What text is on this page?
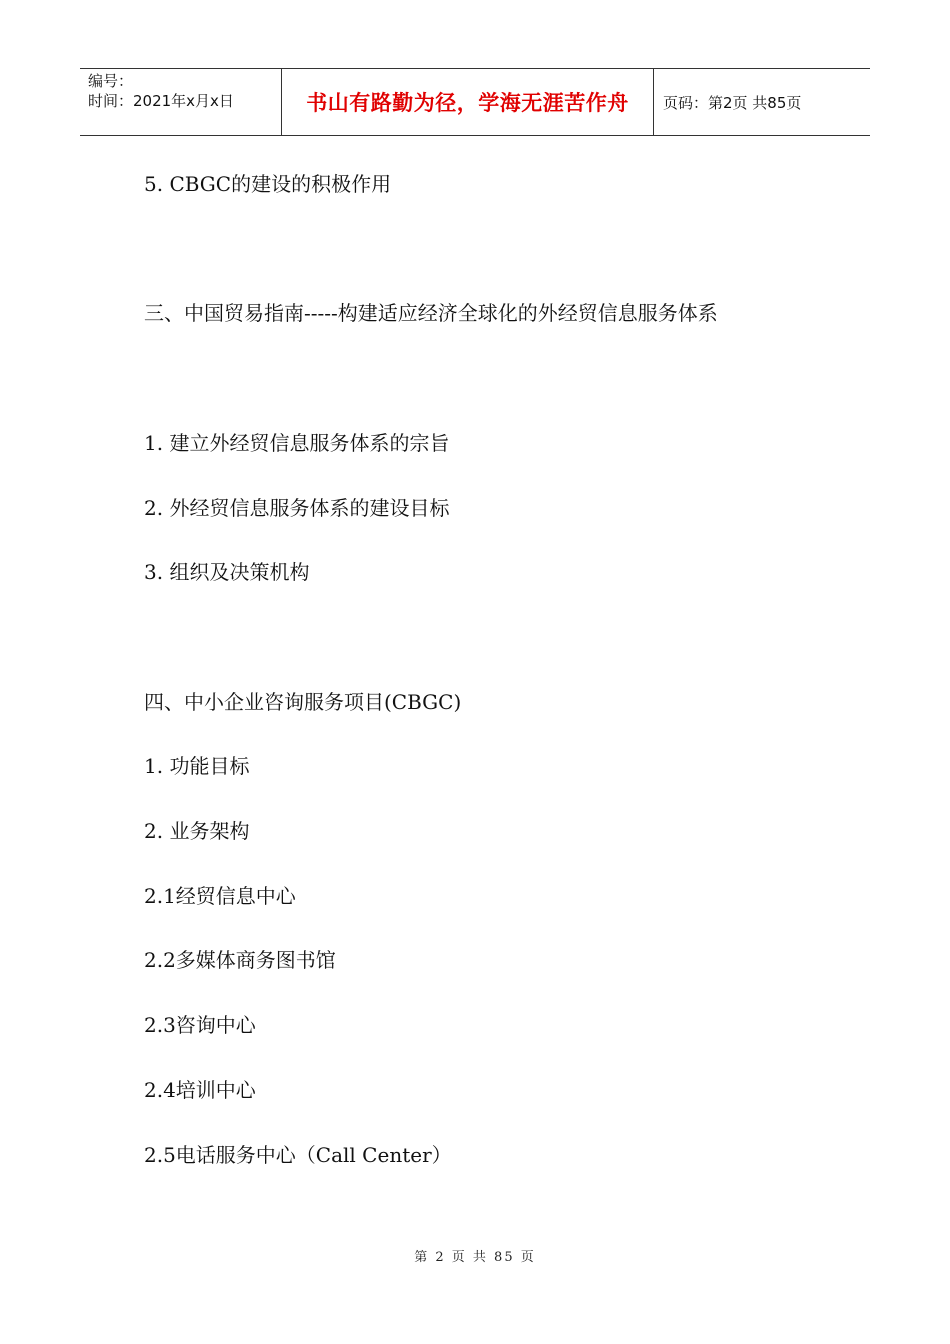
编号：
时间：2021年x月x日	书山有路勤为径，学海无涯苦作舟	页码：第2页 共85页
5. CBGC的建设的积极作用
三、中国贸易指南-----构建适应经济全球化的外经贸信息服务体系
1. 建立外经贸信息服务体系的宗旨
2. 外经贸信息服务体系的建设目标
3. 组织及决策机构
四、中小企业咨询服务项目(CBGC)
1. 功能目标
2. 业务架构
2.1经贸信息中心
2.2多媒体商务图书馆
2.3咨询中心
2.4培训中心
2.5电话服务中心（Call Center）
第 2 页 共 85 页
